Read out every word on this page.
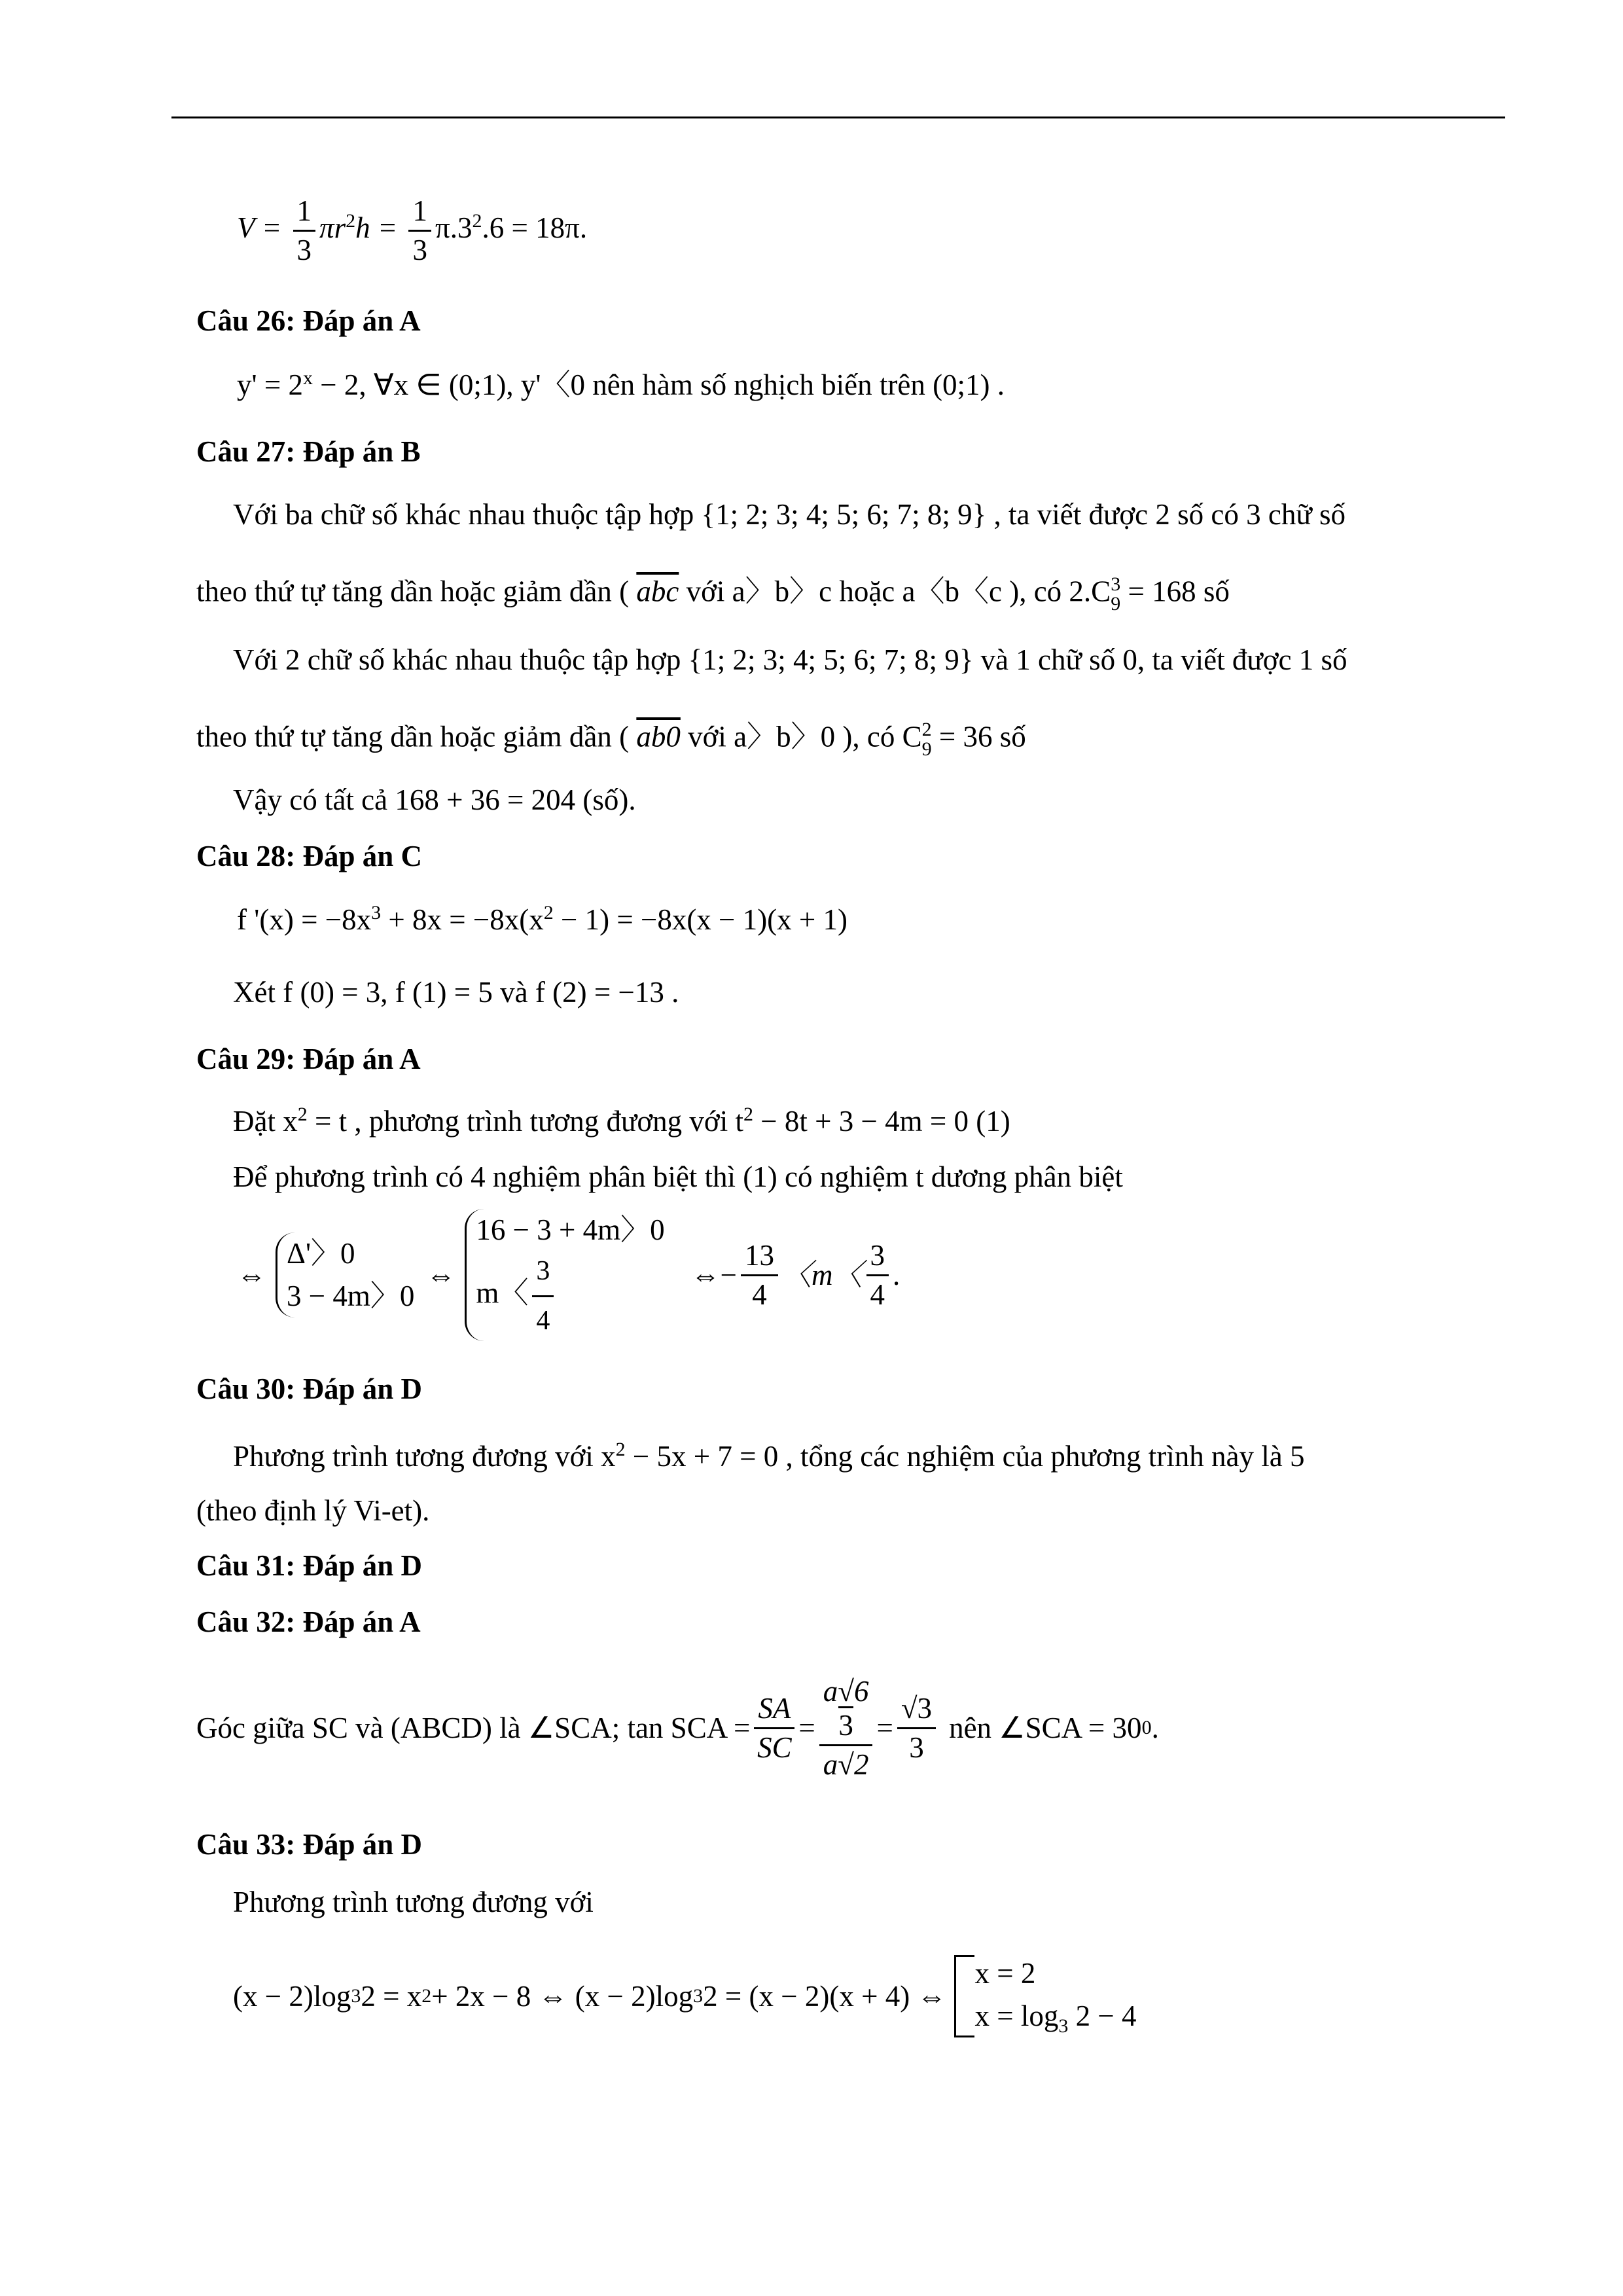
$V = \frac{1}{3} \pi r^2h = \frac{1}{3} \pi.3^2.6 = 18\pi$.
Câu 26: Đáp án A
$y' = 2^x - 2$, ∀x ∈ (0;1), y'〈0 nên hàm số nghịch biến trên (0;1) .
Câu 27: Đáp án B
Với ba chữ số khác nhau thuộc tập hợp {1; 2; 3; 4; 5; 6; 7; 8; 9} , ta viết được 2 số có 3 chữ số
theo thứ tự tăng dần hoặc giảm dần ( $\overline{abc}$ với a〉b〉c hoặc a〈b〈c ), có 2.C 3
9 = 168 số
Với 2 chữ số khác nhau thuộc tập hợp {1; 2; 3; 4; 5; 6; 7; 8; 9} và 1 chữ số 0, ta viết được 1 số
theo thứ tự tăng dần hoặc giảm dần ( ab0 với a〉b〉0 ), có C 2
9 = 36 số
Vậy có tất cả 168 + 36 = 204 (số).
Câu 28: Đáp án C
f '$(x) = -8x^3 + 8x = -8x(x^2 - 1) = -8x(x - 1)(x + 1)$
Xét f (0) = 3, f (1) = 5 và f (2) = −13 .
Câu 29: Đáp án A
Đặt $x^2 = t$ , phương trình tương đương với $t^2 - 8t + 3 - 4m = 0$ (1)
Để phương trình có 4 nghiệm phân biệt thì (1) có nghiệm t dương phân biệt
⇔
Δ'〉0
3 − 4m〉0
⇔
16 − 3 + 4m〉0
m〈 $\frac{3}{4}$	⇔ − $\frac{13}{4}$ 〈m〈 $\frac{3}{4}$ .
Câu 30: Đáp án D
Phương trình tương đương với $x^2 - 5x + 7 = 0$ , tổng các nghiệm của phương trình này là 5
(theo định lý Vi-et).
Câu 31: Đáp án D
Câu 32: Đáp án A
Góc giữa SC và (ABCD) là ∠SCA; tan SCA = $\frac{SA}{SC} = a√6$
3
$a√2 = \frac{√3}{3}$ nên ∠SCA = 30 0 .
Câu 33: Đáp án D
Phương trình tương đương với
(x − 2)log 3 2 = x 2 + 2x − 8 ⇔ (x − 2)log 3 2 = (x − 2)(x + 4) ⇔
x = 2
$x = \log_3 2 - 4$
